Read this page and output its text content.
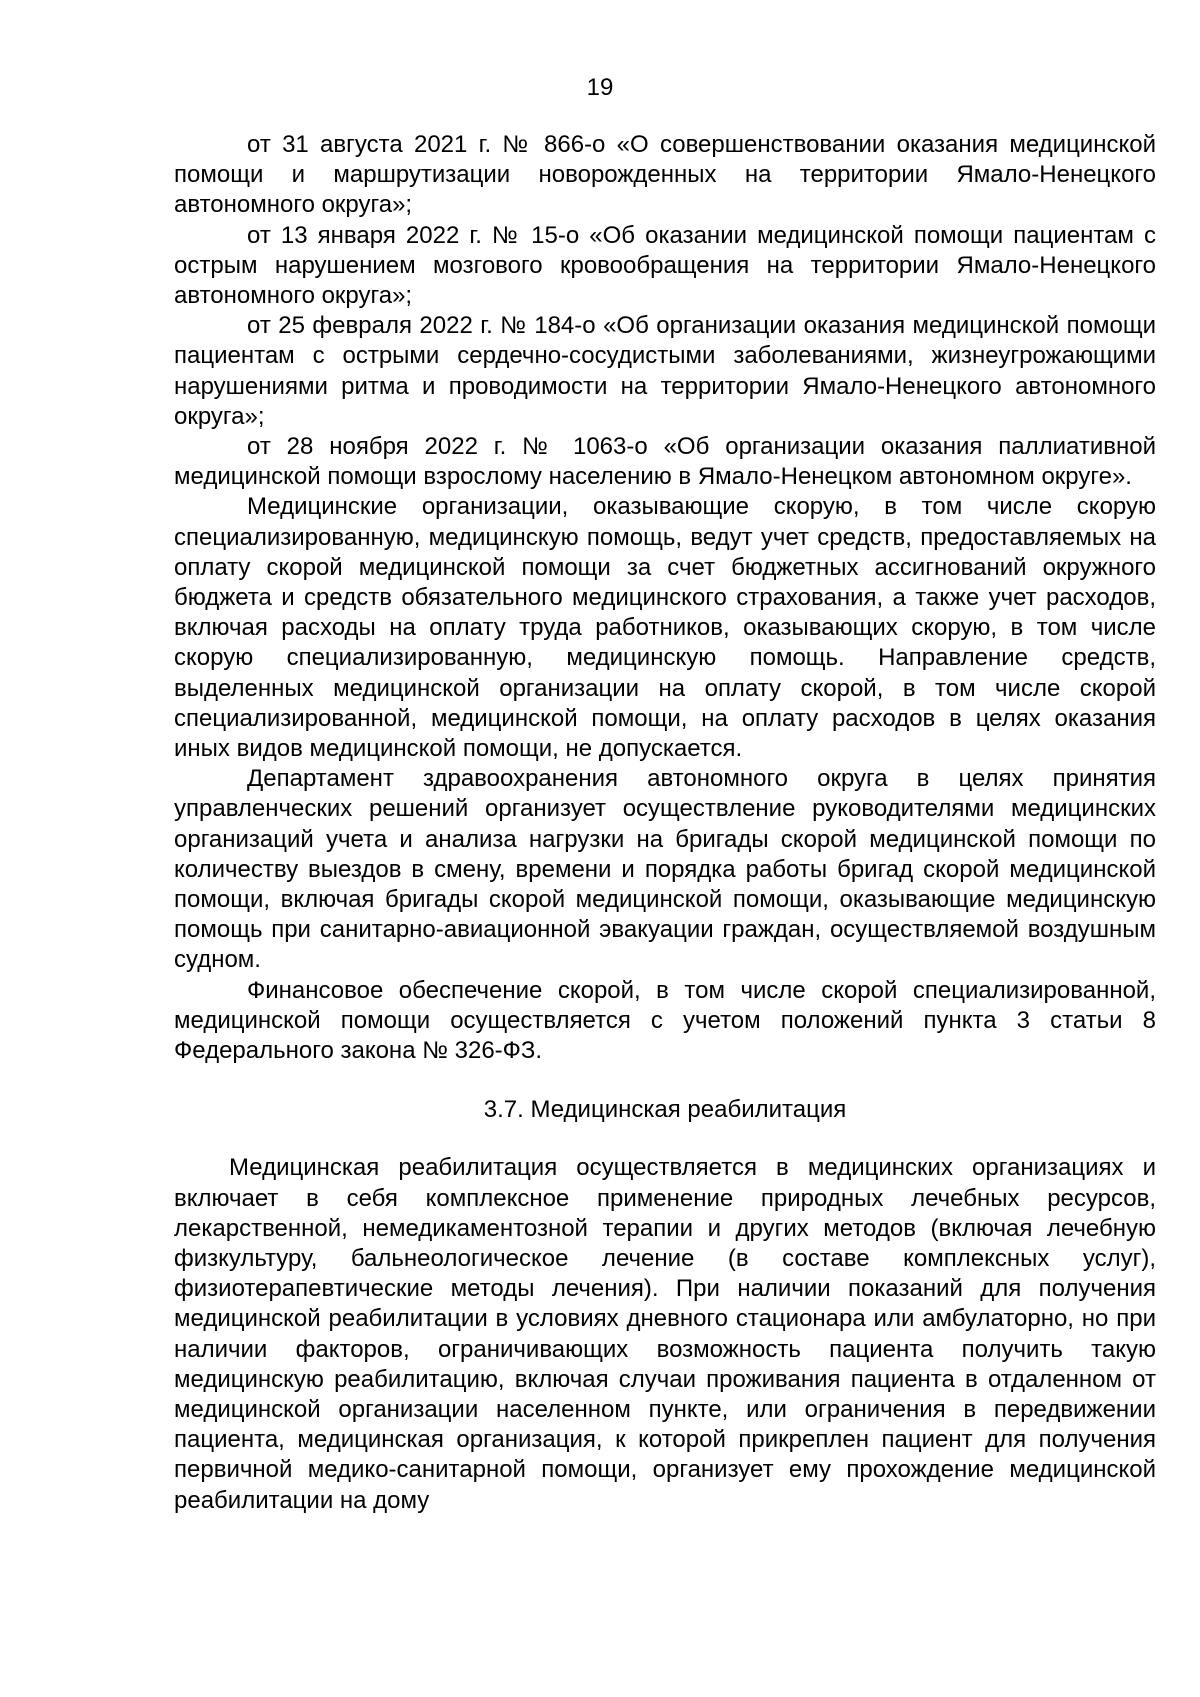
19

от 31 августа 2021 г. № 866-о «О совершенствовании оказания медицинской помощи и маршрутизации новорожденных на территории Ямало-Ненецкого автономного округа»;

от 13 января 2022 г. № 15-о «Об оказании медицинской помощи пациентам с острым нарушением мозгового кровообращения на территории Ямало-Ненецкого автономного округа»;

от 25 февраля 2022 г. № 184-о «Об организации оказания медицинской помощи пациентам с острыми сердечно-сосудистыми заболеваниями, жизнеугрожающими нарушениями ритма и проводимости на территории Ямало-Ненецкого автономного округа»;

от 28 ноября 2022 г. № 1063-о «Об организации оказания паллиативной медицинской помощи взрослому населению в Ямало-Ненецком автономном округе».

Медицинские организации, оказывающие скорую, в том числе скорую специализированную, медицинскую помощь, ведут учет средств, предоставляемых на оплату скорой медицинской помощи за счет бюджетных ассигнований окружного бюджета и средств обязательного медицинского страхования, а также учет расходов, включая расходы на оплату труда работников, оказывающих скорую, в том числе скорую специализированную, медицинскую помощь. Направление средств, выделенных медицинской организации на оплату скорой, в том числе скорой специализированной, медицинской помощи, на оплату расходов в целях оказания иных видов медицинской помощи, не допускается.

Департамент здравоохранения автономного округа в целях принятия управленческих решений организует осуществление руководителями медицинских организаций учета и анализа нагрузки на бригады скорой медицинской помощи по количеству выездов в смену, времени и порядка работы бригад скорой медицинской помощи, включая бригады скорой медицинской помощи, оказывающие медицинскую помощь при санитарно-авиационной эвакуации граждан, осуществляемой воздушным судном.

Финансовое обеспечение скорой, в том числе скорой специализированной, медицинской помощи осуществляется с учетом положений пункта 3 статьи 8 Федерального закона № 326-ФЗ.

3.7. Медицинская реабилитация

Медицинская реабилитация осуществляется в медицинских организациях и включает в себя комплексное применение природных лечебных ресурсов, лекарственной, немедикаментозной терапии и других методов (включая лечебную физкультуру, бальнеологическое лечение (в составе комплексных услуг), физиотерапевтические методы лечения). При наличии показаний для получения медицинской реабилитации в условиях дневного стационара или амбулаторно, но при наличии факторов, ограничивающих возможность пациента получить такую медицинскую реабилитацию, включая случаи проживания пациента в отдаленном от медицинской организации населенном пункте, или ограничения в передвижении пациента, медицинская организация, к которой прикреплен пациент для получения первичной медико-санитарной помощи, организует ему прохождение медицинской реабилитации на дому
